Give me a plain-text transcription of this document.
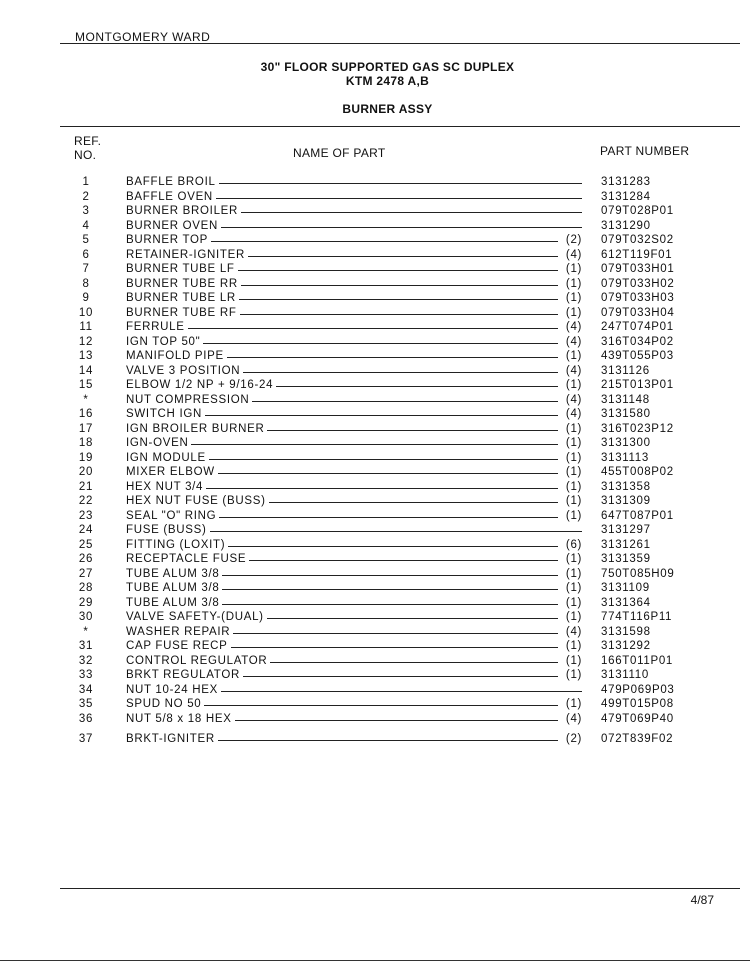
MONTGOMERY WARD
30" FLOOR SUPPORTED GAS SC DUPLEX
KTM 2478 A,B
BURNER ASSY
REF.
NO.	NAME OF PART	PART NUMBER
1	BAFFLE BROIL	3131283
2	BAFFLE OVEN	3131284
3	BURNER BROILER	079T028P01
4	BURNER OVEN	3131290
5	BURNER TOP	(2)	079T032S02
6	RETAINER-IGNITER	(4)	612T119F01
7	BURNER TUBE LF	(1)	079T033H01
8	BURNER TUBE RR	(1)	079T033H02
9	BURNER TUBE LR	(1)	079T033H03
10	BURNER TUBE RF	(1)	079T033H04
11	FERRULE	(4)	247T074P01
12	IGN TOP 50"	(4)	316T034P02
13	MANIFOLD PIPE	(1)	439T055P03
14	VALVE 3 POSITION	(4)	3131126
15	ELBOW 1/2 NP + 9/16-24	(1)	215T013P01
*	NUT COMPRESSION	(4)	3131148
16	SWITCH IGN	(4)	3131580
17	IGN BROILER BURNER	(1)	316T023P12
18	IGN-OVEN	(1)	3131300
19	IGN MODULE	(1)	3131113
20	MIXER ELBOW	(1)	455T008P02
21	HEX NUT 3/4	(1)	3131358
22	HEX NUT FUSE (BUSS)	(1)	3131309
23	SEAL "O" RING	(1)	647T087P01
24	FUSE (BUSS)	3131297
25	FITTING (LOXIT)	(6)	3131261
26	RECEPTACLE FUSE	(1)	3131359
27	TUBE ALUM 3/8	(1)	750T085H09
28	TUBE ALUM 3/8	(1)	3131109
29	TUBE ALUM 3/8	(1)	3131364
30	VALVE SAFETY-(DUAL)	(1)	774T116P11
*	WASHER REPAIR	(4)	3131598
31	CAP FUSE RECP	(1)	3131292
32	CONTROL REGULATOR	(1)	166T011P01
33	BRKT REGULATOR	(1)	3131110
34	NUT 10-24 HEX	479P069P03
35	SPUD NO 50	(1)	499T015P08
36	NUT 5/8 x 18 HEX	(4)	479T069P40
37	BRKT-IGNITER	(2)	072T839F02
4/87
